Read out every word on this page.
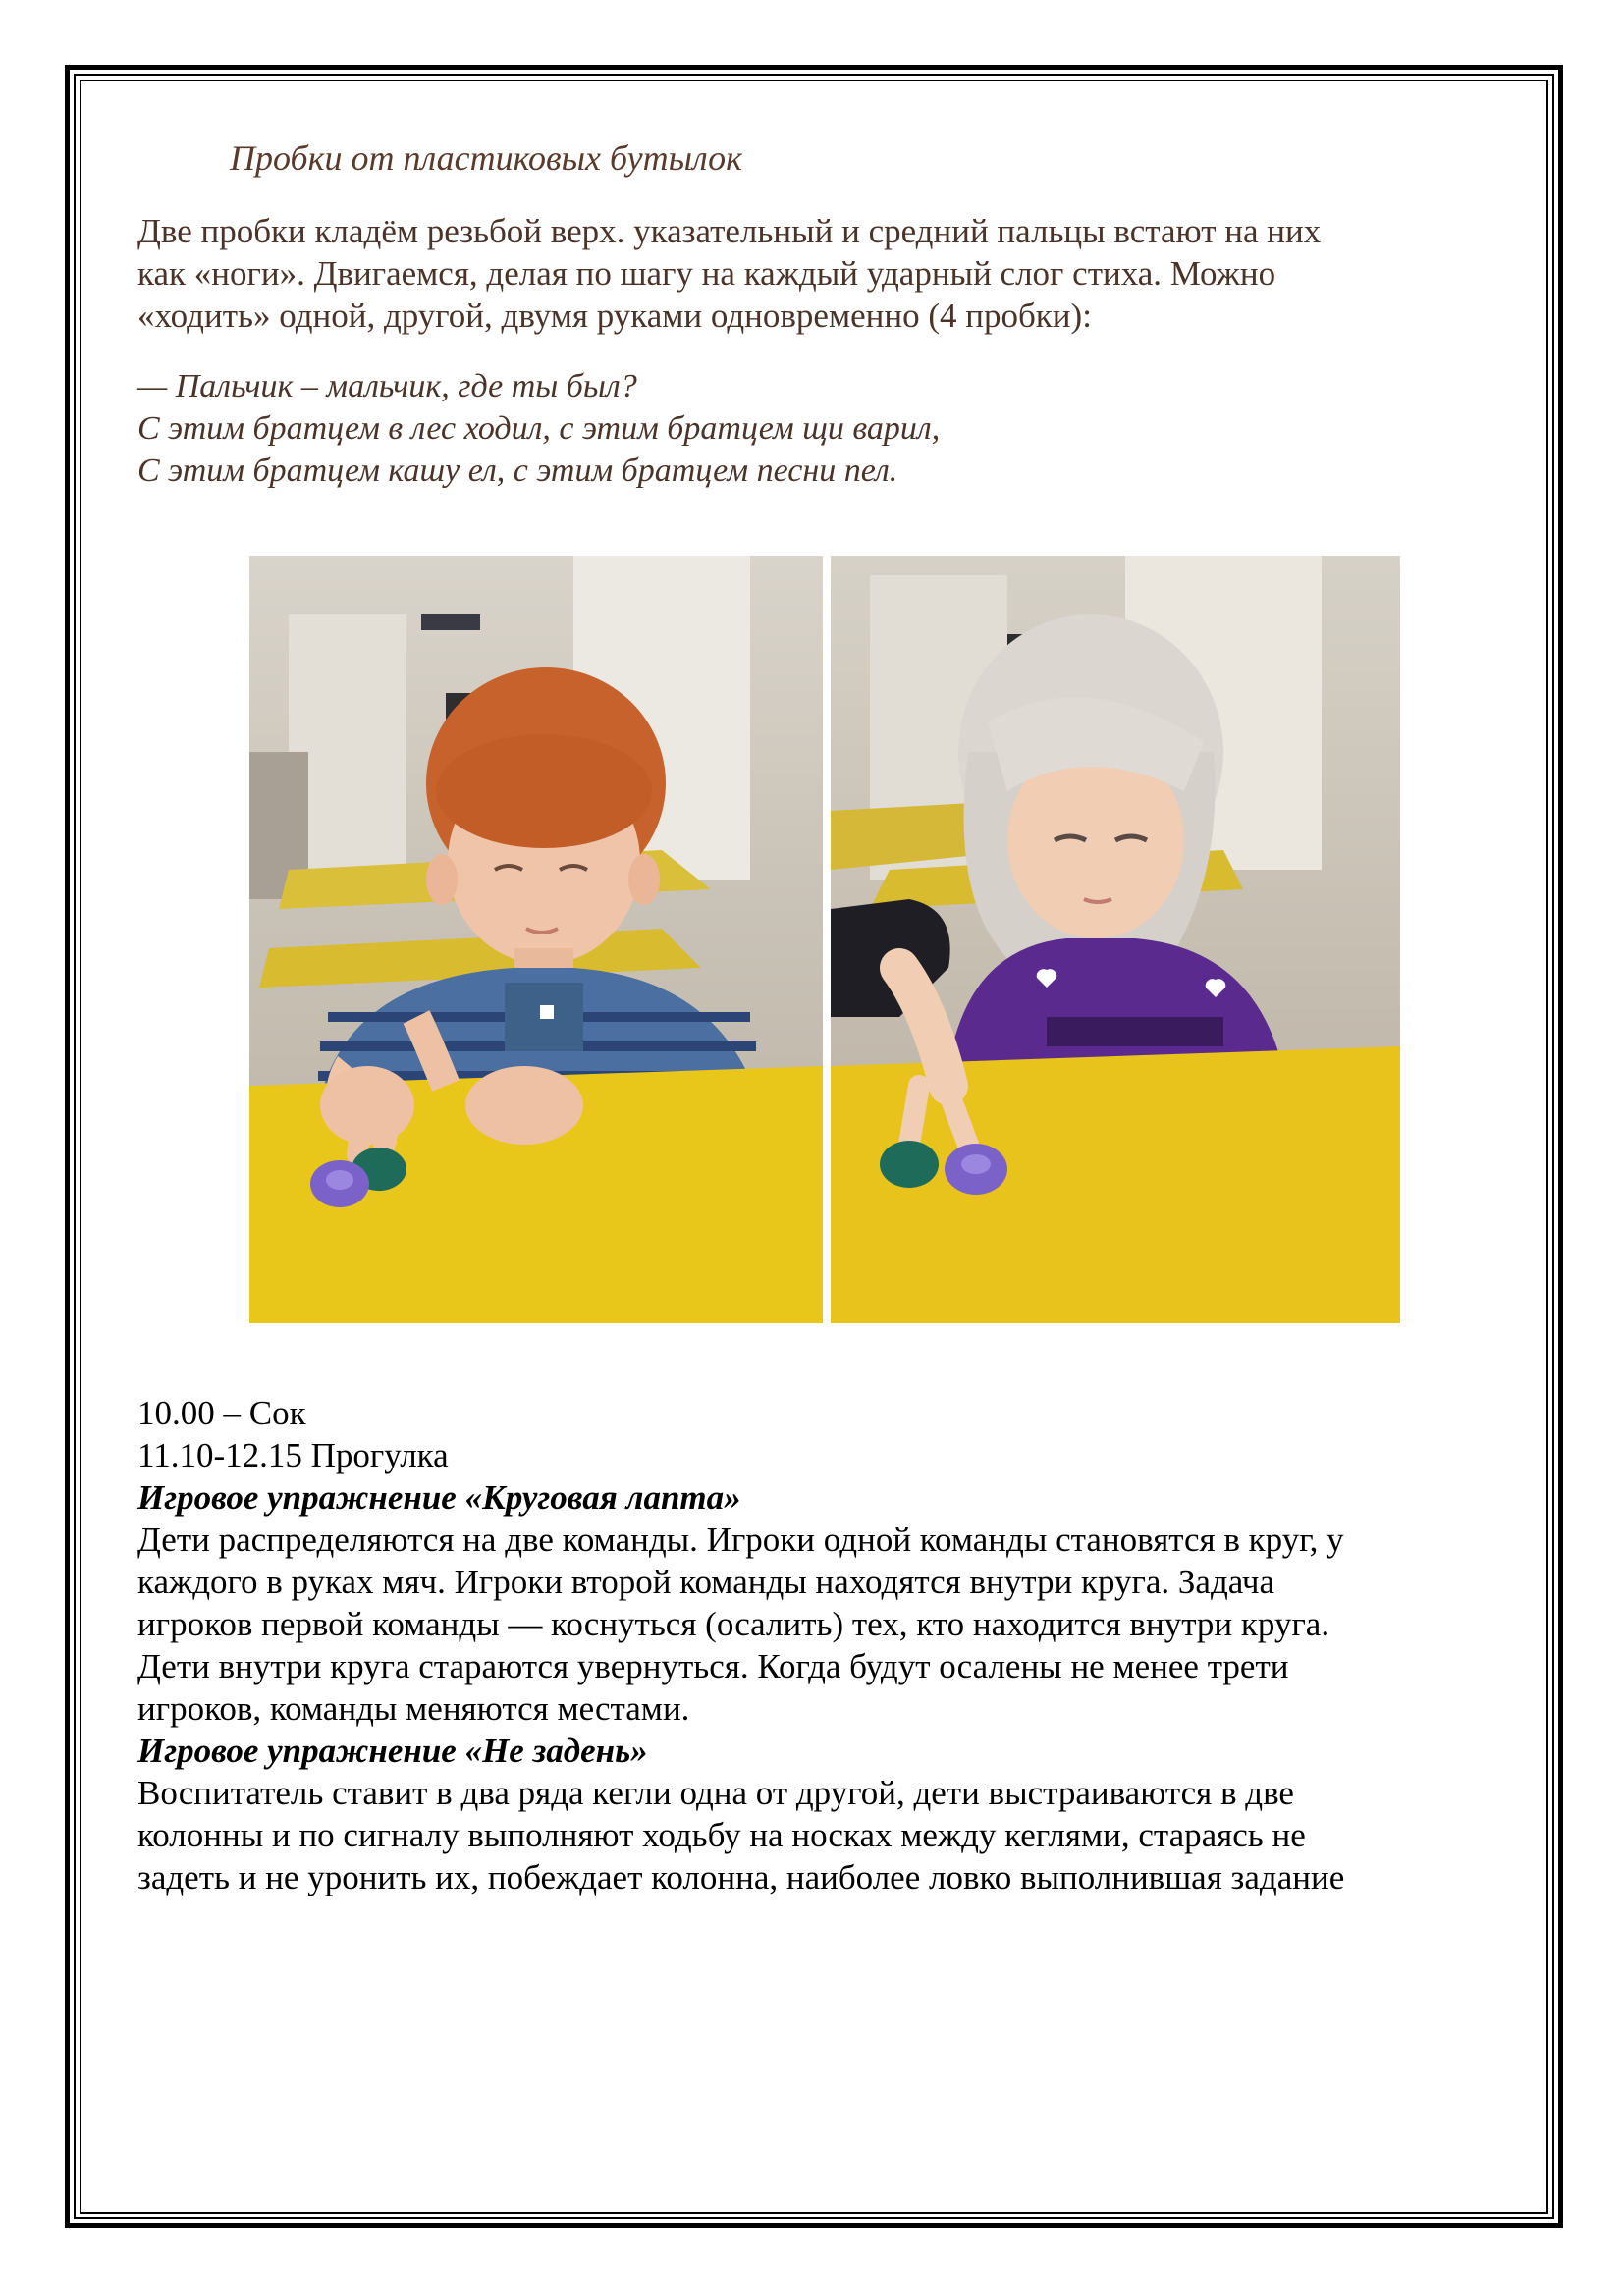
Пробки от пластиковых бутылок
Две пробки кладём резьбой верх. указательный и средний пальцы встают на них
как «ноги». Двигаемся, делая по шагу на каждый ударный слог стиха. Можно
«ходить» одной, другой, двумя руками одновременно (4 пробки):
— Пальчик – мальчик, где ты был?
С этим братцем в лес ходил, с этим братцем щи варил,
С этим братцем кашу ел, с этим братцем песни пел.
10.00 – Сок
11.10-12.15 Прогулка
Игровое упражнение «Круговая лапта»
Дети распределяются на две команды. Игроки одной команды становятся в круг, у
каждого в руках мяч. Игроки второй команды находятся внутри круга. Задача
игроков первой команды — коснуться (осалить) тех, кто находится внутри круга.
Дети внутри круга стараются увернуться. Когда будут осалены не менее трети
игроков, команды меняются местами.
Игровое упражнение «Не задень»
Воспитатель ставит в два ряда кегли одна от другой, дети выстраиваются в две
колонны и по сигналу выполняют ходьбу на носках между кеглями, стараясь не
задеть и не уронить их, побеждает колонна, наиболее ловко выполнившая задание
